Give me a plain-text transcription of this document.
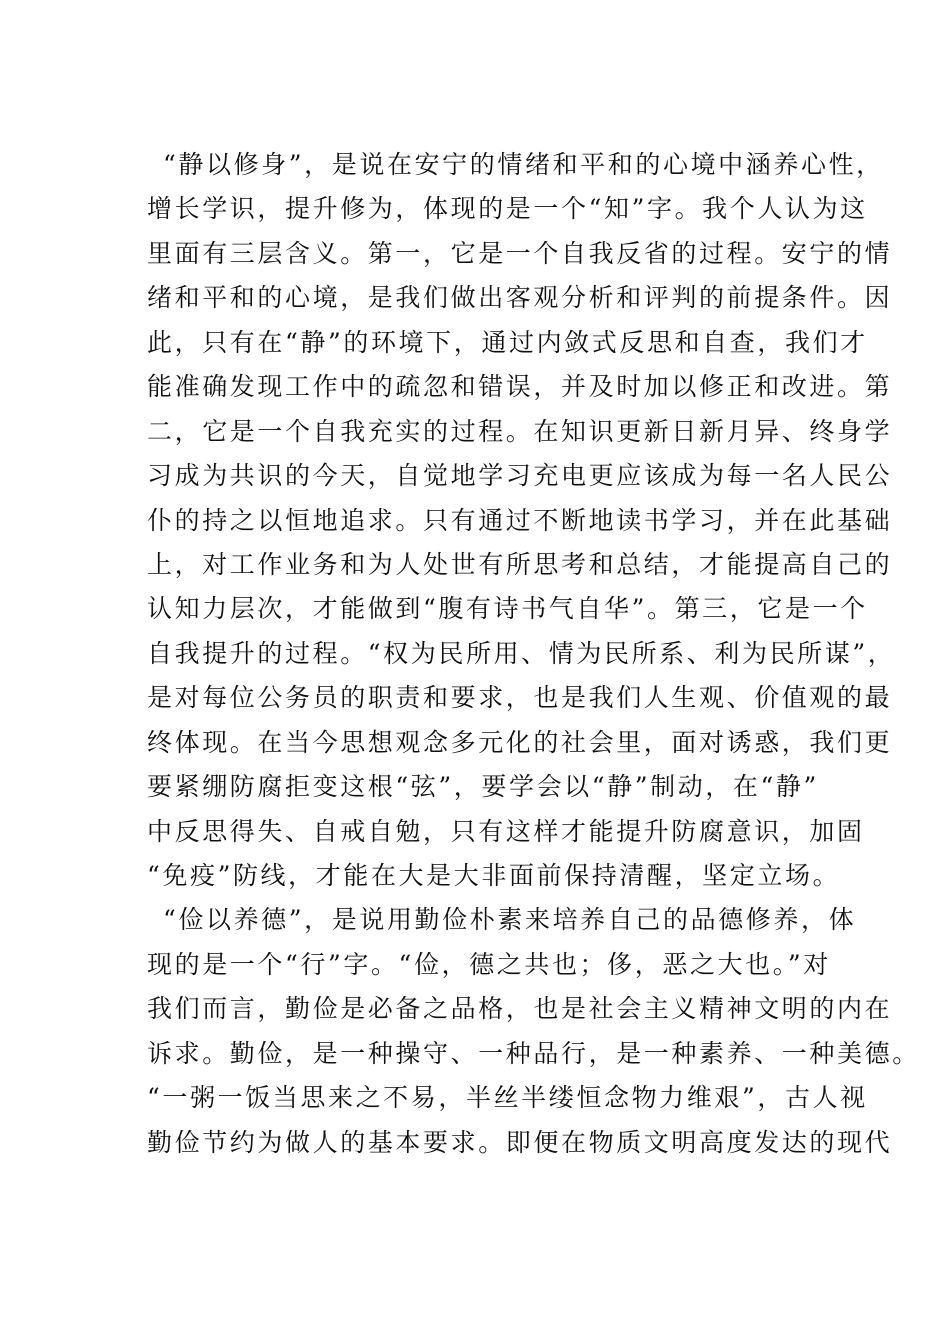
“静以修身”，是说在安宁的情绪和平和的心境中涵养心性，
增长学识，提升修为，体现的是一个“知”字。我个人认为这
里面有三层含义。第一，它是一个自我反省的过程。安宁的情
绪和平和的心境，是我们做出客观分析和评判的前提条件。因
此，只有在“静”的环境下，通过内敛式反思和自查，我们才
能准确发现工作中的疏忽和错误，并及时加以修正和改进。第
二，它是一个自我充实的过程。在知识更新日新月异、终身学
习成为共识的今天，自觉地学习充电更应该成为每一名人民公
仆的持之以恒地追求。只有通过不断地读书学习，并在此基础
上，对工作业务和为人处世有所思考和总结，才能提高自己的
认知力层次，才能做到“腹有诗书气自华”。第三，它是一个
自我提升的过程。“权为民所用、情为民所系、利为民所谋”，
是对每位公务员的职责和要求，也是我们人生观、价值观的最
终体现。在当今思想观念多元化的社会里，面对诱惑，我们更
要紧绷防腐拒变这根“弦”，要学会以“静”制动，在“静”
中反思得失、自戒自勉，只有这样才能提升防腐意识，加固
“免疫”防线，才能在大是大非面前保持清醒，坚定立场。
“俭以养德”，是说用勤俭朴素来培养自己的品德修养，体
现的是一个“行”字。“俭，德之共也；侈，恶之大也。”对
我们而言，勤俭是必备之品格，也是社会主义精神文明的内在
诉求。勤俭，是一种操守、一种品行，是一种素养、一种美德。
“一粥一饭当思来之不易，半丝半缕恒念物力维艰”，古人视
勤俭节约为做人的基本要求。即便在物质文明高度发达的现代
